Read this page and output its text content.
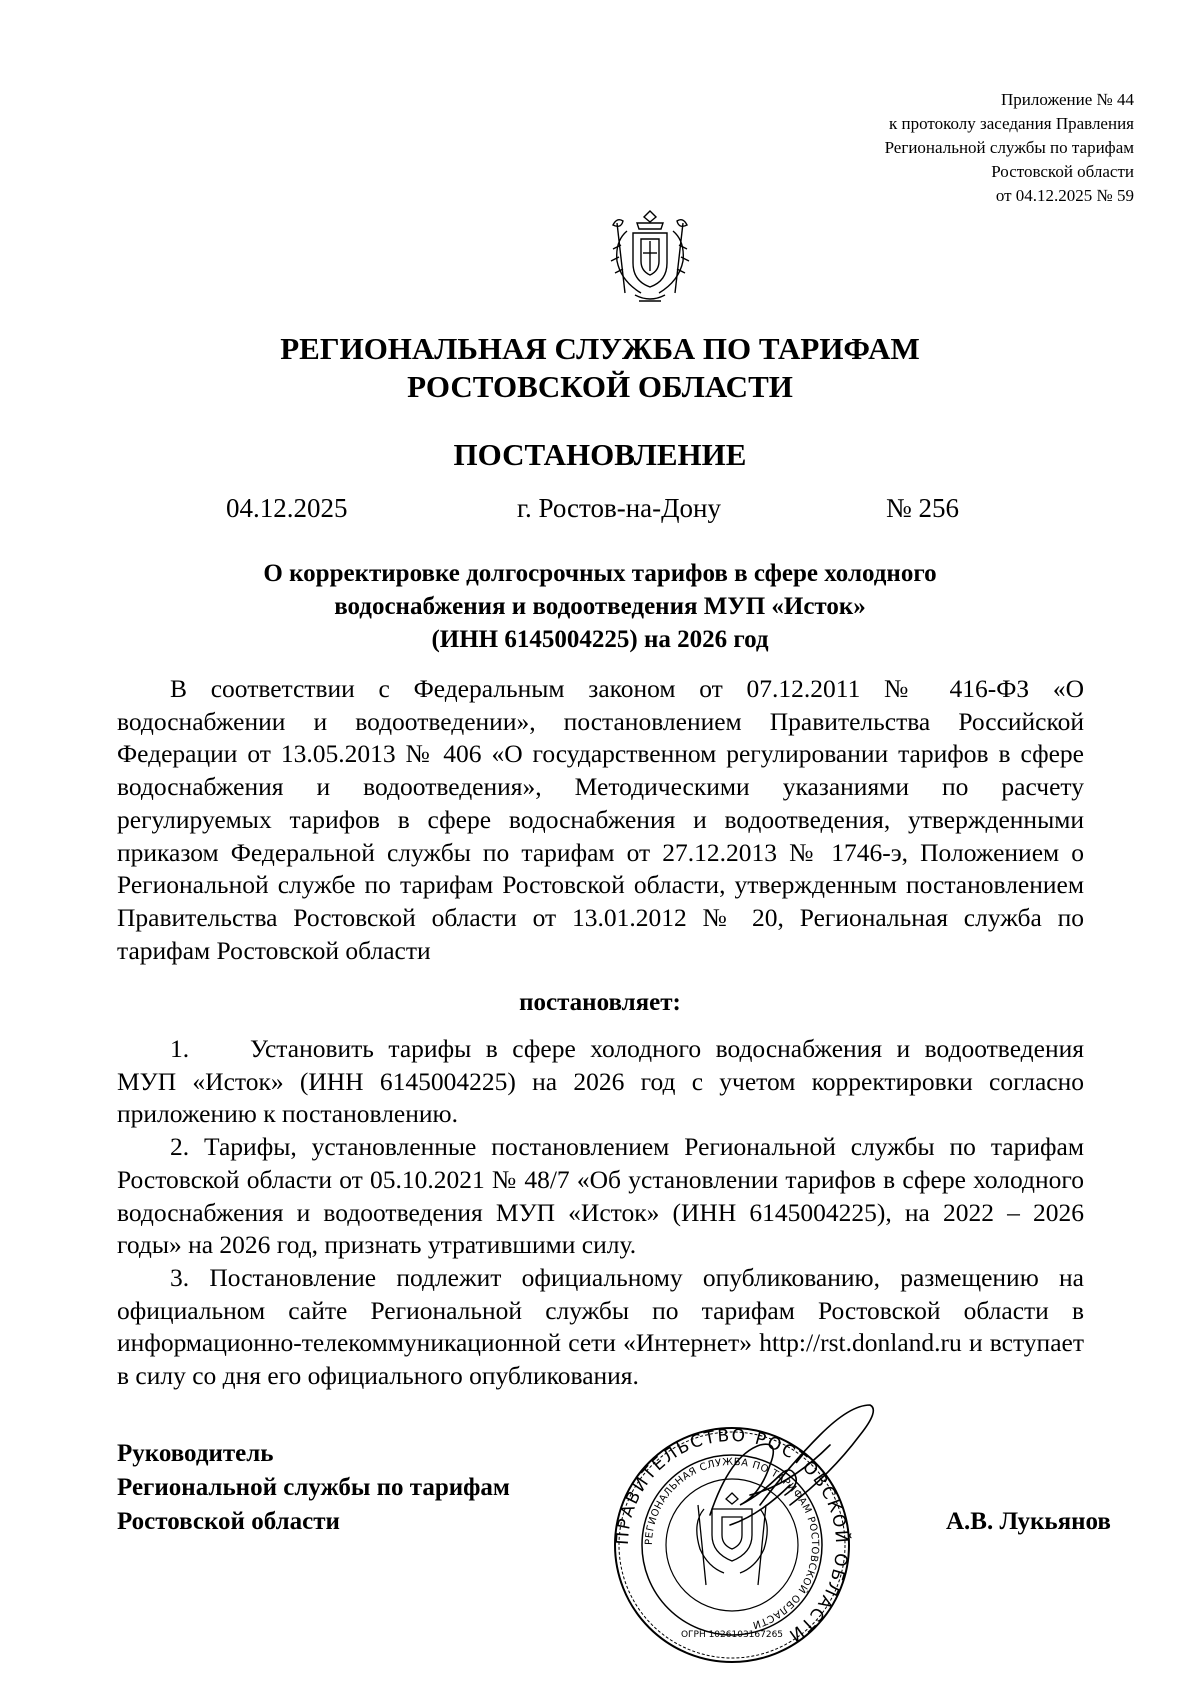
Приложение № 44
к протоколу заседания Правления
Региональной службы по тарифам
Ростовской области
от 04.12.2025 № 59
РЕГИОНАЛЬНАЯ СЛУЖБА ПО ТАРИФАМ
РОСТОВСКОЙ ОБЛАСТИ
ПОСТАНОВЛЕНИЕ
04.12.2025	г. Ростов-на-Дону	№ 256
О корректировке долгосрочных тарифов в сфере холодного
водоснабжения и водоотведения МУП «Исток»
(ИНН 6145004225) на 2026 год
В соответствии с Федеральным законом от 07.12.2011 № 416-ФЗ «О водоснабжении и водоотведении», постановлением Правительства Российской Федерации от 13.05.2013 № 406 «О государственном регулировании тарифов в сфере водоснабжения и водоотведения», Методическими указаниями по расчету регулируемых тарифов в сфере водоснабжения и водоотведения, утвержденными приказом Федеральной службы по тарифам от 27.12.2013 № 1746-э, Положением о Региональной службе по тарифам Ростовской области, утвержденным постановлением Правительства Ростовской области от 13.01.2012 № 20, Региональная служба по тарифам Ростовской области
постановляет:

1. Установить тарифы в сфере холодного водоснабжения и водоотведения МУП «Исток» (ИНН 6145004225) на 2026 год с учетом корректировки согласно приложению к постановлению.

2. Тарифы, установленные постановлением Региональной службы по тарифам Ростовской области от 05.10.2021 № 48/7 «Об установлении тарифов в сфере холодного водоснабжения и водоотведения МУП «Исток» (ИНН 6145004225), на 2022 – 2026 годы» на 2026 год, признать утратившими силу.

3. Постановление подлежит официальному опубликованию, размещению на официальном сайте Региональной службы по тарифам Ростовской области в информационно-телекоммуникационной сети «Интернет» http://rst.donland.ru и вступает в силу со дня его официального опубликования.

Руководитель
Региональной службы по тарифам
Ростовской области
ПРАВИТЕЛЬСТВО РОСТОВСКОЙ ОБЛАСТИ
РЕГИОНАЛЬНАЯ СЛУЖБА ПО ТАРИФАМ РОСТОВСКОЙ ОБЛАСТИ
ОГРН 1026103167265
А.В. Лукьянов
